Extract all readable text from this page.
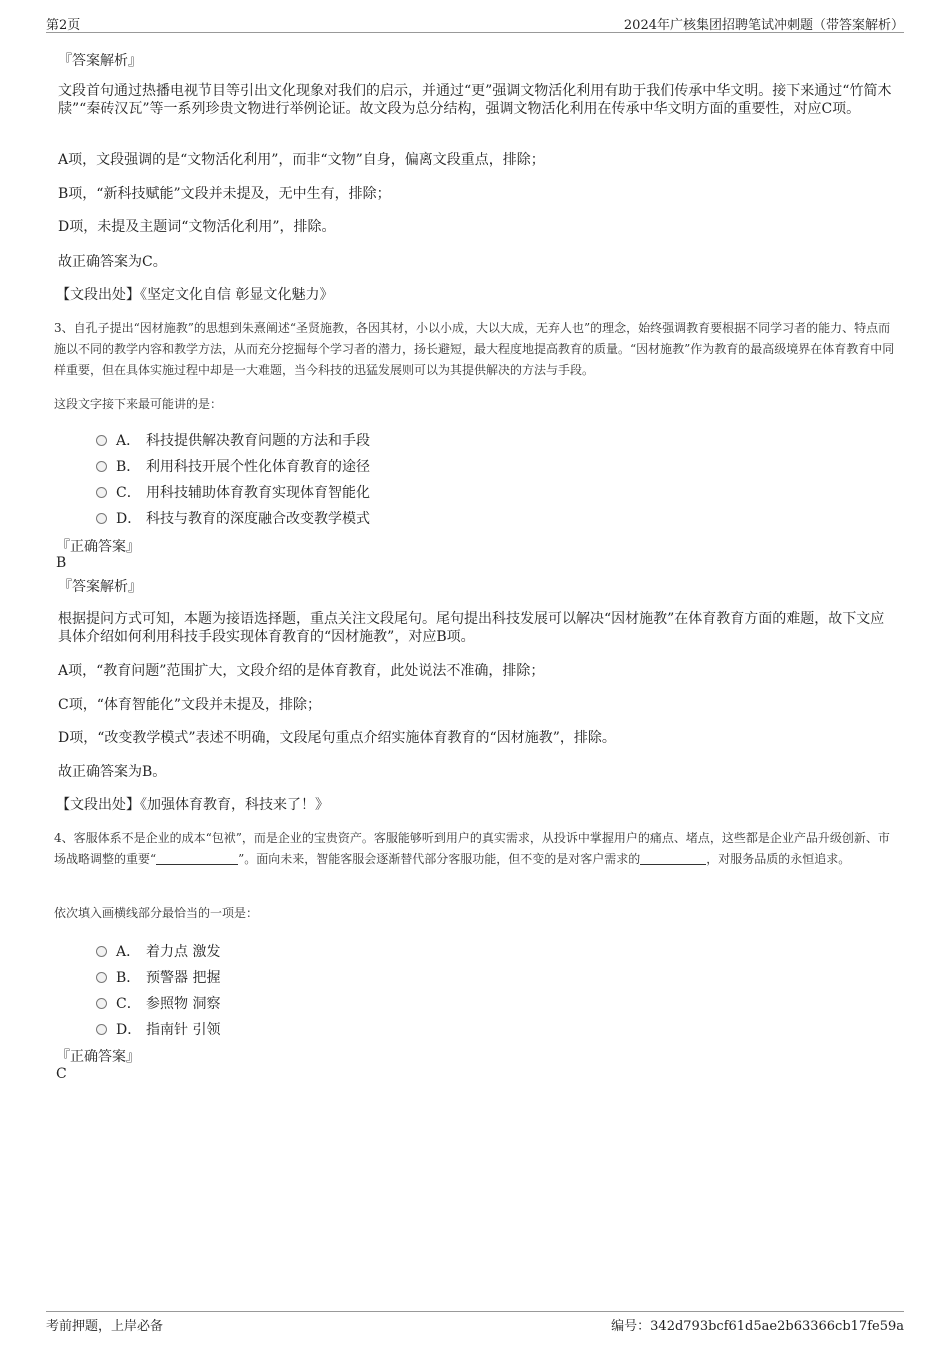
第2页	2024年广核集团招聘笔试冲刺题（带答案解析）
『答案解析』
文段首句通过热播电视节目等引出文化现象对我们的启示，并通过“更”强调文物活化利用有助于我们传承中华文明。接下来通过“竹简木牍”“秦砖汉瓦”等一系列珍贵文物进行举例论证。故文段为总分结构，强调文物活化利用在传承中华文明方面的重要性，对应C项。
A项，文段强调的是“文物活化利用”，而非“文物”自身，偏离文段重点，排除；
B项，“新科技赋能”文段并未提及，无中生有，排除；
D项，未提及主题词“文物活化利用”，排除。
故正确答案为C。
【文段出处】《坚定文化自信 彰显文化魅力》
3、自孔子提出“因材施教”的思想到朱熹阐述“圣贤施教，各因其材，小以小成，大以大成，无弃人也”的理念，始终强调教育要根据不同学习者的能力、特点而施以不同的教学内容和教学方法，从而充分挖掘每个学习者的潜力，扬长避短，最大程度地提高教育的质量。“因材施教”作为教育的最高级境界在体育教育中同样重要，但在具体实施过程中却是一大难题，当今科技的迅猛发展则可以为其提供解决的方法与手段。
这段文字接下来最可能讲的是：
A． 科技提供解决教育问题的方法和手段
B． 利用科技开展个性化体育教育的途径
C． 用科技辅助体育教育实现体育智能化
D． 科技与教育的深度融合改变教学模式
『正确答案』
B
『答案解析』
根据提问方式可知，本题为接语选择题，重点关注文段尾句。尾句提出科技发展可以解决“因材施教”在体育教育方面的难题，故下文应具体介绍如何利用科技手段实现体育教育的“因材施教”，对应B项。
A项，“教育问题”范围扩大，文段介绍的是体育教育，此处说法不准确，排除；
C项，“体育智能化”文段并未提及，排除；
D项，“改变教学模式”表述不明确，文段尾句重点介绍实施体育教育的“因材施教”，排除。
故正确答案为B。
【文段出处】《加强体育教育，科技来了！》
4、客服体系不是企业的成本“包袱”，而是企业的宝贵资产。客服能够听到用户的真实需求，从投诉中掌握用户的痛点、堵点，这些都是企业产品升级创新、市场战略调整的重要“	”。面向未来，智能客服会逐渐替代部分客服功能，但不变的是对客户需求的	，对服务品质的永恒追求。
依次填入画横线部分最恰当的一项是：
A． 着力点 激发
B． 预警器 把握
C． 参照物 洞察
D． 指南针 引领
『正确答案』
C
考前押题，上岸必备	编号：342d793bcf61d5ae2b63366cb17fe59a
